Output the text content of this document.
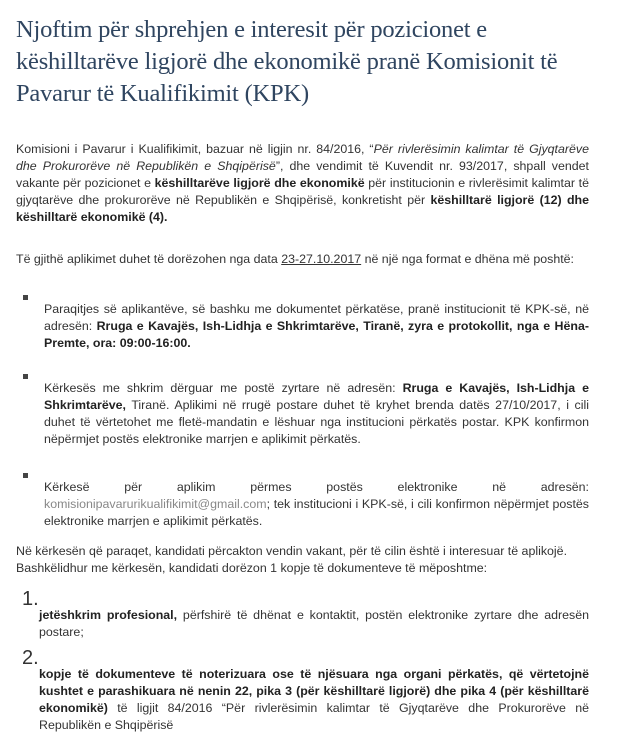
Njoftim për shprehjen e interesit për pozicionet e këshilltarëve ligjorë dhe ekonomikë pranë Komisionit të Pavarur të Kualifikimit (KPK)

Komisioni i Pavarur i Kualifikimit, bazuar në ligjin nr. 84/2016, “Për rivlerësimin kalimtar të Gjyqtarëve dhe Prokurorëve në Republikën e Shqipërisë”, dhe vendimit të Kuvendit nr. 93/2017, shpall vendet vakante për pozicionet e këshilltarëve ligjorë dhe ekonomikë për institucionin e rivlerësimit kalimtar të gjyqtarëve dhe prokurorëve në Republikën e Shqipërisë, konkretisht për këshilltarë ligjorë (12) dhe këshilltarë ekonomikë (4).

Të gjithë aplikimet duhet të dorëzohen nga data 23-27.10.2017 në një nga format e dhëna më poshtë:

Paraqitjes së aplikantëve, së bashku me dokumentet përkatëse, pranë institucionit të KPK-së, në adresën: Rruga e Kavajës, Ish-Lidhja e Shkrimtarëve, Tiranë, zyra e protokollit, nga e Hëna-Premte, ora: 09:00-16:00.

Kërkesës me shkrim dërguar me postë zyrtare në adresën: Rruga e Kavajës, Ish-Lidhja e Shkrimtarëve, Tiranë. Aplikimi në rrugë postare duhet të kryhet brenda datës 27/10/2017, i cili duhet të vërtetohet me fletë-mandatin e lëshuar nga institucioni përkatës postar. KPK konfirmon nëpërmjet postës elektronike marrjen e aplikimit përkatës.

Kërkesë për aplikim përmes postës elektronike në adresën: komisionipavarurikualifikimit@gmail.com; tek institucioni i KPK-së, i cili konfirmon nëpërmjet postës elektronike marrjen e aplikimit përkatës.

Në kërkesën që paraqet, kandidati përcakton vendin vakant, për të cilin është i interesuar të aplikojë.

Bashkëlidhur me kërkesën, kandidati dorëzon 1 kopje të dokumenteve të mëposhtme:

1.

jetëshkrim profesional, përfshirë të dhënat e kontaktit, postën elektronike zyrtare dhe adresën postare;

2.

kopje të dokumenteve të noterizuara ose të njësuara nga organi përkatës, që vërtetojnë kushtet e parashikuara në nenin 22, pika 3 (për këshilltarë ligjorë) dhe pika 4 (për këshilltarë ekonomikë) të ligjit 84/2016 “Për rivlerësimin kalimtar të Gjyqtarëve dhe Prokurorëve në Republikën e Shqipërisë
